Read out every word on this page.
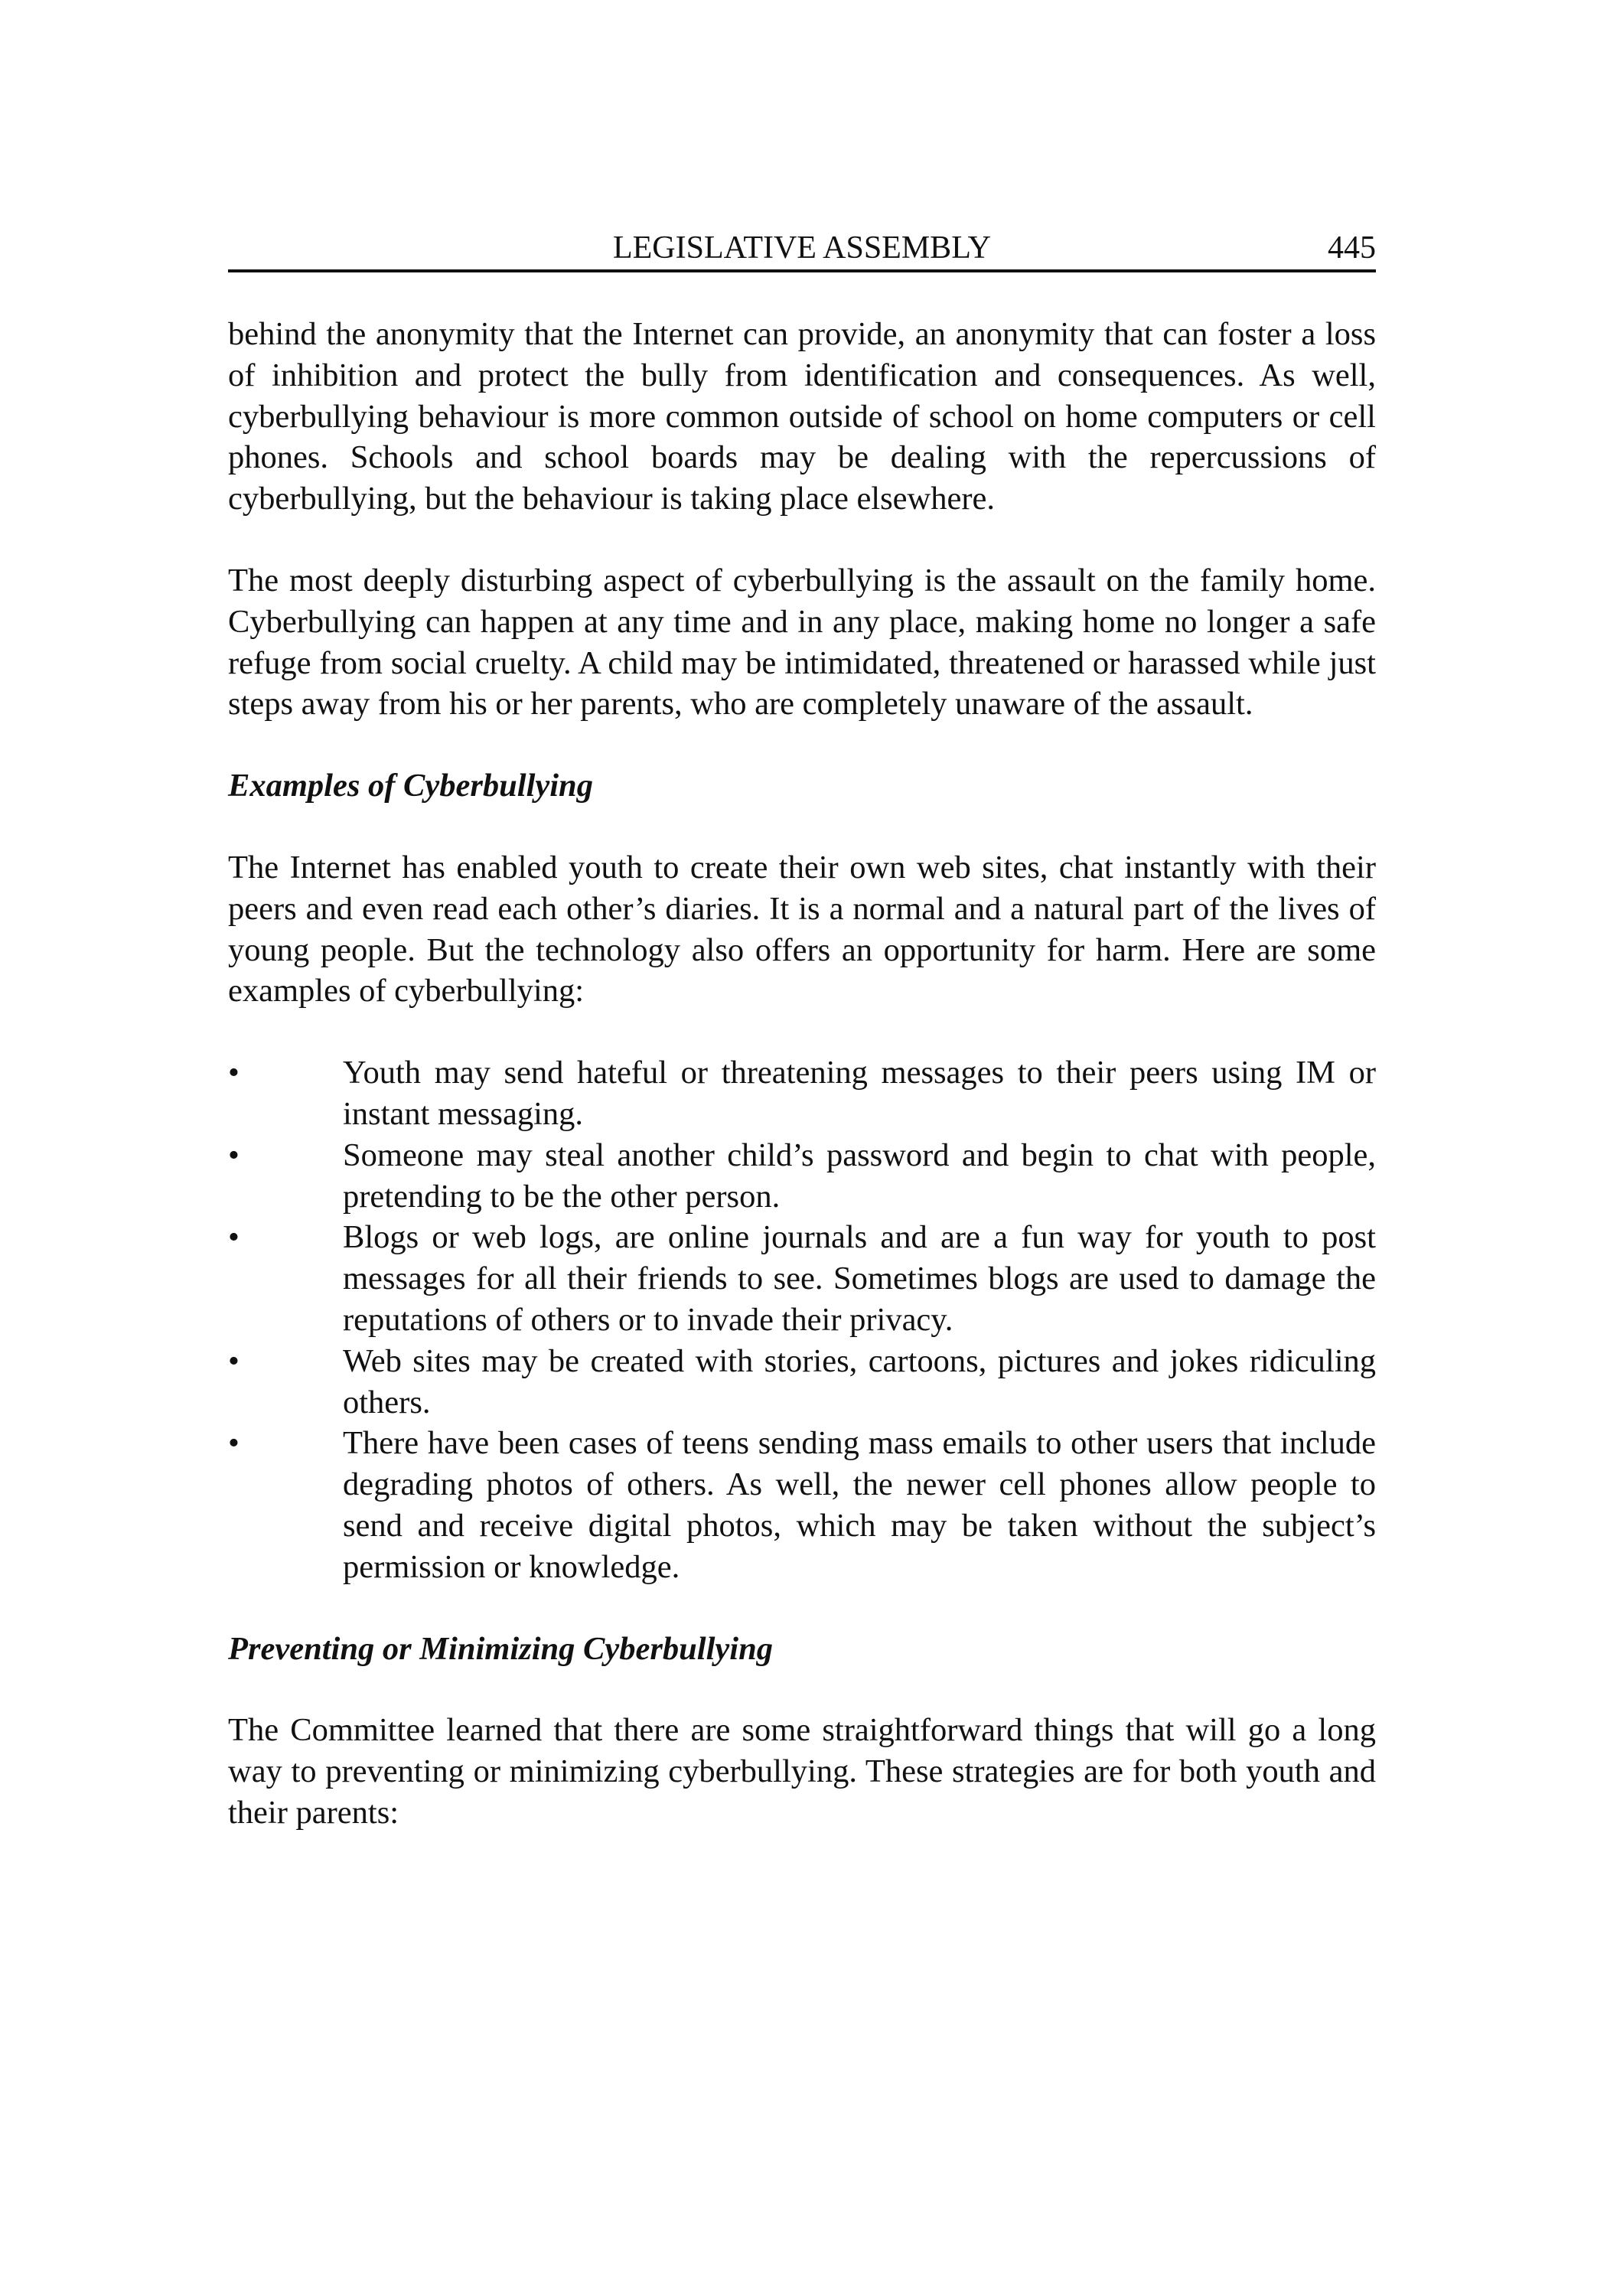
LEGISLATIVE ASSEMBLY	445

behind the anonymity that the Internet can provide, an anonymity that can foster a loss of inhibition and protect the bully from identification and consequences. As well, cyberbullying behaviour is more common outside of school on home computers or cell phones. Schools and school boards may be dealing with the repercussions of cyberbullying, but the behaviour is taking place elsewhere.

The most deeply disturbing aspect of cyberbullying is the assault on the family home. Cyberbullying can happen at any time and in any place, making home no longer a safe refuge from social cruelty. A child may be intimidated, threatened or harassed while just steps away from his or her parents, who are completely unaware of the assault.

Examples of Cyberbullying

The Internet has enabled youth to create their own web sites, chat instantly with their peers and even read each other’s diaries. It is a normal and a natural part of the lives of young people. But the technology also offers an opportunity for harm. Here are some examples of cyberbullying:

•	Youth may send hateful or threatening messages to their peers using IM or instant messaging.
•	Someone may steal another child’s password and begin to chat with people, pretending to be the other person.
•	Blogs or web logs, are online journals and are a fun way for youth to post messages for all their friends to see. Sometimes blogs are used to damage the reputations of others or to invade their privacy.
•	Web sites may be created with stories, cartoons, pictures and jokes ridiculing others.
•	There have been cases of teens sending mass emails to other users that include degrading photos of others. As well, the newer cell phones allow people to send and receive digital photos, which may be taken without the subject’s permission or knowledge.
Preventing or Minimizing Cyberbullying

The Committee learned that there are some straightforward things that will go a long way to preventing or minimizing cyberbullying. These strategies are for both youth and their parents:
